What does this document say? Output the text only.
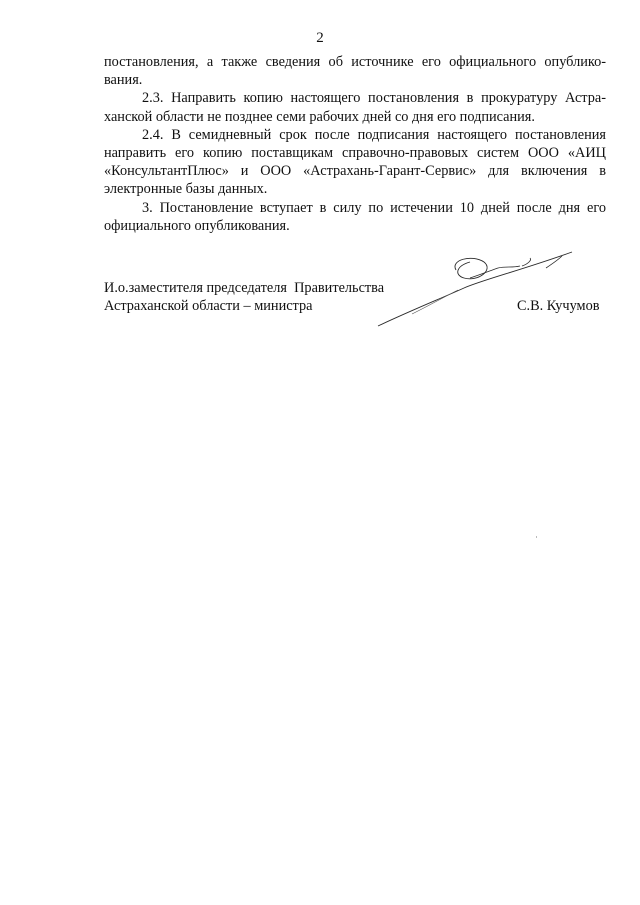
2

постановления, а также сведения об источнике его официального опублико-вания.

2.3. Направить копию настоящего постановления в прокуратуру Астра-ханской области не позднее семи рабочих дней со дня его подписания.

2.4. В семидневный срок после подписания настоящего постановления направить его копию поставщикам справочно-правовых систем ООО «АИЦ «КонсультантПлюс» и ООО «Астрахань-Гарант-Сервис» для включения в электронные базы данных.

3. Постановление вступает в силу по истечении 10 дней после дня его официального опубликования.

И.о.заместителя председателя  Правительства
Астраханской области – министра	С.В. Кучумов
